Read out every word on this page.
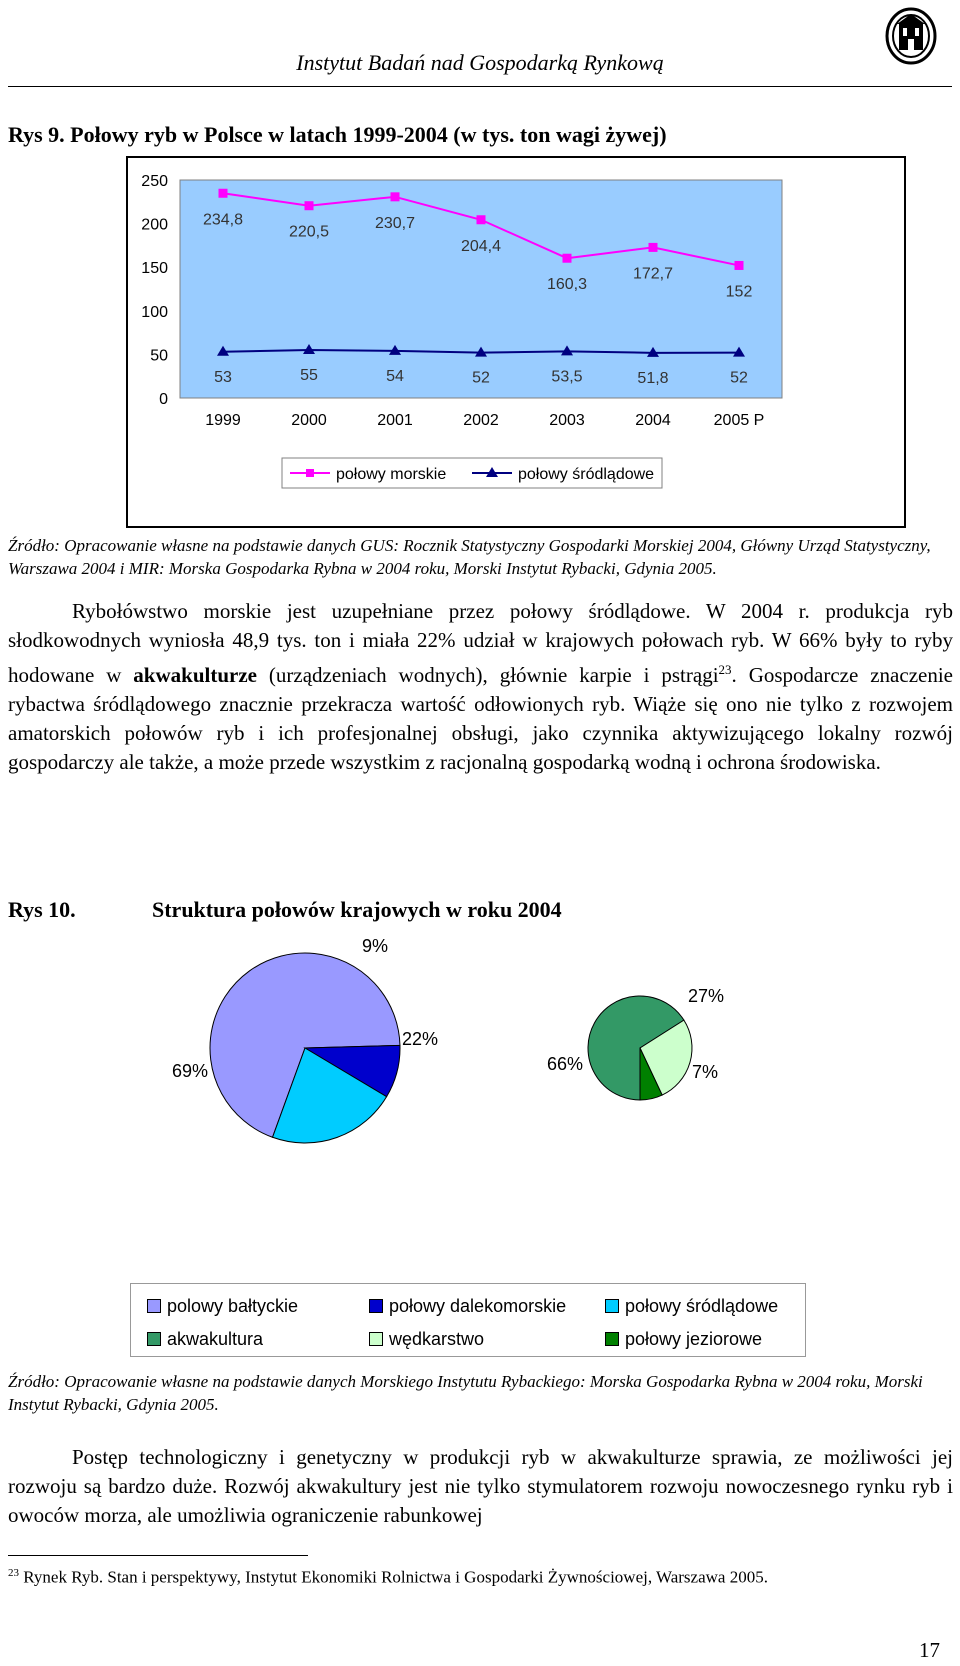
Instytut Badań nad Gospodarką Rynkową
Rys 9. Połowy ryb w Polsce w latach 1999-2004 (w tys. ton wagi żywej)
250
200
150
100
50
0
1999	2000	2001	2002	2003	2004	2005 P
234,8
220,5
230,7
204,4
160,3
172,7
152
53	55	54	52	53,5	51,8	52
połowy morskie	połowy śródlądowe
Źródło: Opracowanie własne na podstawie danych GUS: Rocznik Statystyczny Gospodarki Morskiej 2004, Główny Urząd Statystyczny, Warszawa 2004 i MIR: Morska Gospodarka Rybna w 2004 roku, Morski Instytut Rybacki, Gdynia 2005.

Rybołówstwo morskie jest uzupełniane przez połowy śródlądowe. W 2004 r. produkcja ryb słodkowodnych wyniosła 48,9 tys. ton i miała 22% udział w krajowych połowach ryb. W 66% były to ryby hodowane w akwakulturze (urządzeniach wodnych), głównie karpie i pstrągi$^{23}$. Gospodarcze znaczenie rybactwa śródlądowego znacznie przekracza wartość odłowionych ryb. Wiąże się ono nie tylko z rozwojem amatorskich połowów ryb i ich profesjonalnej obsługi, jako czynnika aktywizującego lokalny rozwój gospodarczy ale także, a może przede wszystkim z racjonalną gospodarką wodną i ochrona środowiska.

Rys 10.	Struktura połowów krajowych w roku 2004
69%
9%
22%
66%
27%
7%
polowy bałtyckie	połowy dalekomorskie	połowy śródlądowe
akwakultura	wędkarstwo	połowy jeziorowe
Źródło: Opracowanie własne na podstawie danych Morskiego Instytutu Rybackiego: Morska Gospodarka Rybna w 2004 roku, Morski Instytut Rybacki, Gdynia 2005.

Postęp technologiczny i genetyczny w produkcji ryb w akwakulturze sprawia, ze możliwości jej rozwoju są bardzo duże. Rozwój akwakultury jest nie tylko stymulatorem rozwoju nowoczesnego rynku ryb i owoców morza, ale umożliwia ograniczenie rabunkowej

$^{23}$ Rynek Ryb. Stan i perspektywy, Instytut Ekonomiki Rolnictwa i Gospodarki Żywnościowej, Warszawa 2005.
17
